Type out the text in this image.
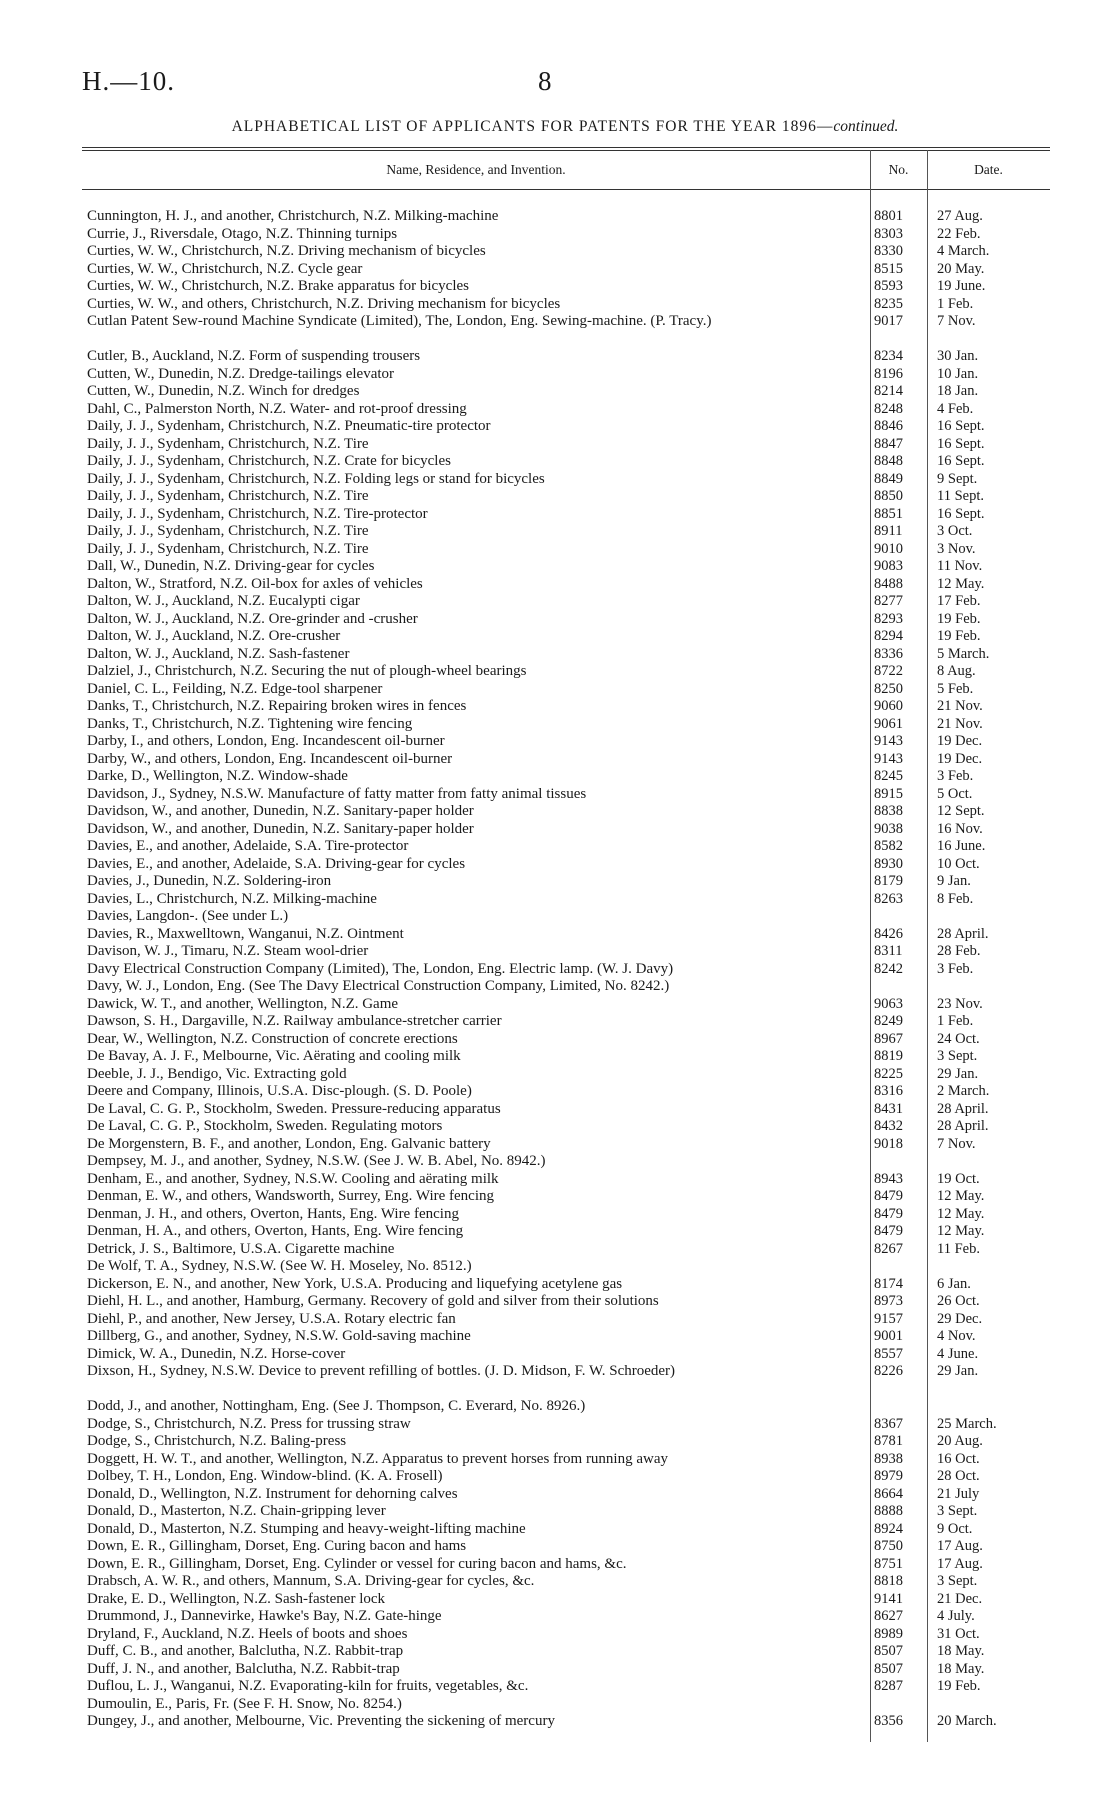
H.—10.	8
ALPHABETICAL LIST OF APPLICANTS FOR PATENTS FOR THE YEAR 1896—continued.
Name, Residence, and Invention.	No.	Date.
Cunnington, H. J., and another, Christchurch, N.Z. Milking-machine	8801	27 Aug.
Currie, J., Riversdale, Otago, N.Z. Thinning turnips	8303	22 Feb.
Curties, W. W., Christchurch, N.Z. Driving mechanism of bicycles	8330	4 March.
Curties, W. W., Christchurch, N.Z. Cycle gear	8515	20 May.
Curties, W. W., Christchurch, N.Z. Brake apparatus for bicycles	8593	19 June.
Curties, W. W., and others, Christchurch, N.Z. Driving mechanism for bicycles	8235	1 Feb.
Cutlan Patent Sew-round Machine Syndicate (Limited), The, London, Eng. Sewing-machine. (P. Tracy.)	9017	7 Nov.
Cutler, B., Auckland, N.Z. Form of suspending trousers	8234	30 Jan.
Cutten, W., Dunedin, N.Z. Dredge-tailings elevator	8196	10 Jan.
Cutten, W., Dunedin, N.Z. Winch for dredges	8214	18 Jan.
Dahl, C., Palmerston North, N.Z. Water- and rot-proof dressing	8248	4 Feb.
Daily, J. J., Sydenham, Christchurch, N.Z. Pneumatic-tire protector	8846	16 Sept.
Daily, J. J., Sydenham, Christchurch, N.Z. Tire	8847	16 Sept.
Daily, J. J., Sydenham, Christchurch, N.Z. Crate for bicycles	8848	16 Sept.
Daily, J. J., Sydenham, Christchurch, N.Z. Folding legs or stand for bicycles	8849	9 Sept.
Daily, J. J., Sydenham, Christchurch, N.Z. Tire	8850	11 Sept.
Daily, J. J., Sydenham, Christchurch, N.Z. Tire-protector	8851	16 Sept.
Daily, J. J., Sydenham, Christchurch, N.Z. Tire	8911	3 Oct.
Daily, J. J., Sydenham, Christchurch, N.Z. Tire	9010	3 Nov.
Dall, W., Dunedin, N.Z. Driving-gear for cycles	9083	11 Nov.
Dalton, W., Stratford, N.Z. Oil-box for axles of vehicles	8488	12 May.
Dalton, W. J., Auckland, N.Z. Eucalypti cigar	8277	17 Feb.
Dalton, W. J., Auckland, N.Z. Ore-grinder and -crusher	8293	19 Feb.
Dalton, W. J., Auckland, N.Z. Ore-crusher	8294	19 Feb.
Dalton, W. J., Auckland, N.Z. Sash-fastener	8336	5 March.
Dalziel, J., Christchurch, N.Z. Securing the nut of plough-wheel bearings	8722	8 Aug.
Daniel, C. L., Feilding, N.Z. Edge-tool sharpener	8250	5 Feb.
Danks, T., Christchurch, N.Z. Repairing broken wires in fences	9060	21 Nov.
Danks, T., Christchurch, N.Z. Tightening wire fencing	9061	21 Nov.
Darby, I., and others, London, Eng. Incandescent oil-burner	9143	19 Dec.
Darby, W., and others, London, Eng. Incandescent oil-burner	9143	19 Dec.
Darke, D., Wellington, N.Z. Window-shade	8245	3 Feb.
Davidson, J., Sydney, N.S.W. Manufacture of fatty matter from fatty animal tissues	8915	5 Oct.
Davidson, W., and another, Dunedin, N.Z. Sanitary-paper holder	8838	12 Sept.
Davidson, W., and another, Dunedin, N.Z. Sanitary-paper holder	9038	16 Nov.
Davies, E., and another, Adelaide, S.A. Tire-protector	8582	16 June.
Davies, E., and another, Adelaide, S.A. Driving-gear for cycles	8930	10 Oct.
Davies, J., Dunedin, N.Z. Soldering-iron	8179	9 Jan.
Davies, L., Christchurch, N.Z. Milking-machine	8263	8 Feb.
Davies, Langdon-. (See under L.)
Davies, R., Maxwelltown, Wanganui, N.Z. Ointment	8426	28 April.
Davison, W. J., Timaru, N.Z. Steam wool-drier	8311	28 Feb.
Davy Electrical Construction Company (Limited), The, London, Eng. Electric lamp. (W. J. Davy)	8242	3 Feb.
Davy, W. J., London, Eng. (See The Davy Electrical Construction Company, Limited, No. 8242.)
Dawick, W. T., and another, Wellington, N.Z. Game	9063	23 Nov.
Dawson, S. H., Dargaville, N.Z. Railway ambulance-stretcher carrier	8249	1 Feb.
Dear, W., Wellington, N.Z. Construction of concrete erections	8967	24 Oct.
De Bavay, A. J. F., Melbourne, Vic. Aërating and cooling milk	8819	3 Sept.
Deeble, J. J., Bendigo, Vic. Extracting gold	8225	29 Jan.
Deere and Company, Illinois, U.S.A. Disc-plough. (S. D. Poole)	8316	2 March.
De Laval, C. G. P., Stockholm, Sweden. Pressure-reducing apparatus	8431	28 April.
De Laval, C. G. P., Stockholm, Sweden. Regulating motors	8432	28 April.
De Morgenstern, B. F., and another, London, Eng. Galvanic battery	9018	7 Nov.
Dempsey, M. J., and another, Sydney, N.S.W. (See J. W. B. Abel, No. 8942.)
Denham, E., and another, Sydney, N.S.W. Cooling and aërating milk	8943	19 Oct.
Denman, E. W., and others, Wandsworth, Surrey, Eng. Wire fencing	8479	12 May.
Denman, J. H., and others, Overton, Hants, Eng. Wire fencing	8479	12 May.
Denman, H. A., and others, Overton, Hants, Eng. Wire fencing	8479	12 May.
Detrick, J. S., Baltimore, U.S.A. Cigarette machine	8267	11 Feb.
De Wolf, T. A., Sydney, N.S.W. (See W. H. Moseley, No. 8512.)
Dickerson, E. N., and another, New York, U.S.A. Producing and liquefying acetylene gas	8174	6 Jan.
Diehl, H. L., and another, Hamburg, Germany. Recovery of gold and silver from their solutions	8973	26 Oct.
Diehl, P., and another, New Jersey, U.S.A. Rotary electric fan	9157	29 Dec.
Dillberg, G., and another, Sydney, N.S.W. Gold-saving machine	9001	4 Nov.
Dimick, W. A., Dunedin, N.Z. Horse-cover	8557	4 June.
Dixson, H., Sydney, N.S.W. Device to prevent refilling of bottles. (J. D. Midson, F. W. Schroeder)	8226	29 Jan.
Dodd, J., and another, Nottingham, Eng. (See J. Thompson, C. Everard, No. 8926.)
Dodge, S., Christchurch, N.Z. Press for trussing straw	8367	25 March.
Dodge, S., Christchurch, N.Z. Baling-press	8781	20 Aug.
Doggett, H. W. T., and another, Wellington, N.Z. Apparatus to prevent horses from running away	8938	16 Oct.
Dolbey, T. H., London, Eng. Window-blind. (K. A. Frosell)	8979	28 Oct.
Donald, D., Wellington, N.Z. Instrument for dehorning calves	8664	21 July
Donald, D., Masterton, N.Z. Chain-gripping lever	8888	3 Sept.
Donald, D., Masterton, N.Z. Stumping and heavy-weight-lifting machine	8924	9 Oct.
Down, E. R., Gillingham, Dorset, Eng. Curing bacon and hams	8750	17 Aug.
Down, E. R., Gillingham, Dorset, Eng. Cylinder or vessel for curing bacon and hams, &c.	8751	17 Aug.
Drabsch, A. W. R., and others, Mannum, S.A. Driving-gear for cycles, &c.	8818	3 Sept.
Drake, E. D., Wellington, N.Z. Sash-fastener lock	9141	21 Dec.
Drummond, J., Dannevirke, Hawke's Bay, N.Z. Gate-hinge	8627	4 July.
Dryland, F., Auckland, N.Z. Heels of boots and shoes	8989	31 Oct.
Duff, C. B., and another, Balclutha, N.Z. Rabbit-trap	8507	18 May.
Duff, J. N., and another, Balclutha, N.Z. Rabbit-trap	8507	18 May.
Duflou, L. J., Wanganui, N.Z. Evaporating-kiln for fruits, vegetables, &c.	8287	19 Feb.
Dumoulin, E., Paris, Fr. (See F. H. Snow, No. 8254.)
Dungey, J., and another, Melbourne, Vic. Preventing the sickening of mercury	8356	20 March.
